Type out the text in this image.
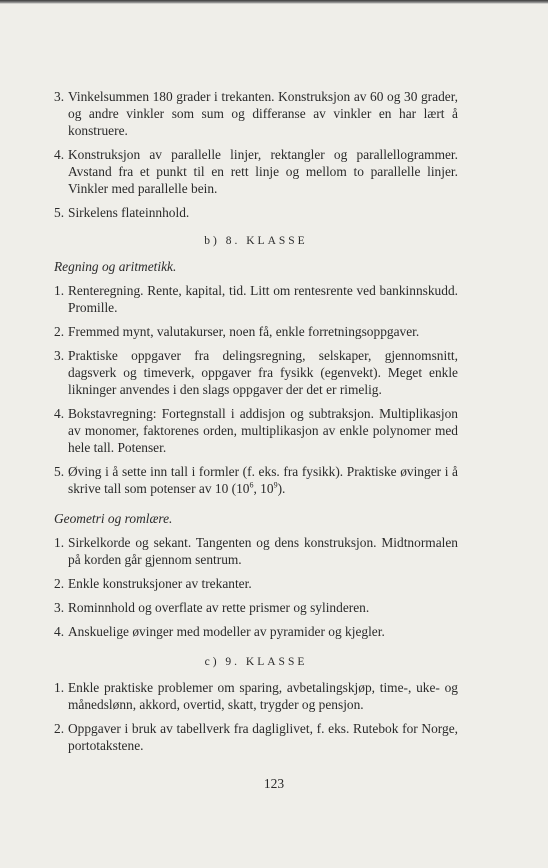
3. Vinkelsummen 180 grader i trekanten. Konstruksjon av 60 og 30 grader, og andre vinkler som sum og differanse av vinkler en har lært å konstruere.
4. Konstruksjon av parallelle linjer, rektangler og parallellogrammer. Avstand fra et punkt til en rett linje og mellom to parallelle linjer. Vinkler med parallelle bein.
5. Sirkelens flateinnhold.
b) 8. KLASSE
Regning og aritmetikk.
1. Renteregning. Rente, kapital, tid. Litt om rentesrente ved bankinnskudd. Promille.
2. Fremmed mynt, valutakurser, noen få, enkle forretningsoppgaver.
3. Praktiske oppgaver fra delingsregning, selskaper, gjennomsnitt, dagsverk og timeverk, oppgaver fra fysikk (egenvekt). Meget enkle likninger anvendes i den slags oppgaver der det er rimelig.
4. Bokstavregning: Fortegnstall i addisjon og subtraksjon. Multiplikasjon av monomer, faktorenes orden, multiplikasjon av enkle polynomer med hele tall. Potenser.
5. Øving i å sette inn tall i formler (f. eks. fra fysikk). Praktiske øvinger i å skrive tall som potenser av 10 ($10^6$, $10^9$).
Geometri og romlære.
1. Sirkelkorde og sekant. Tangenten og dens konstruksjon. Midtnormalen på korden går gjennom sentrum.
2. Enkle konstruksjoner av trekanter.
3. Rominnhold og overflate av rette prismer og sylinderen.
4. Anskuelige øvinger med modeller av pyramider og kjegler.
c) 9. KLASSE
1. Enkle praktiske problemer om sparing, avbetalingskjøp, time-, uke- og månedslønn, akkord, overtid, skatt, trygder og pensjon.
2. Oppgaver i bruk av tabellverk fra dagliglivet, f. eks. Rutebok for Norge, portotakstene.
123
